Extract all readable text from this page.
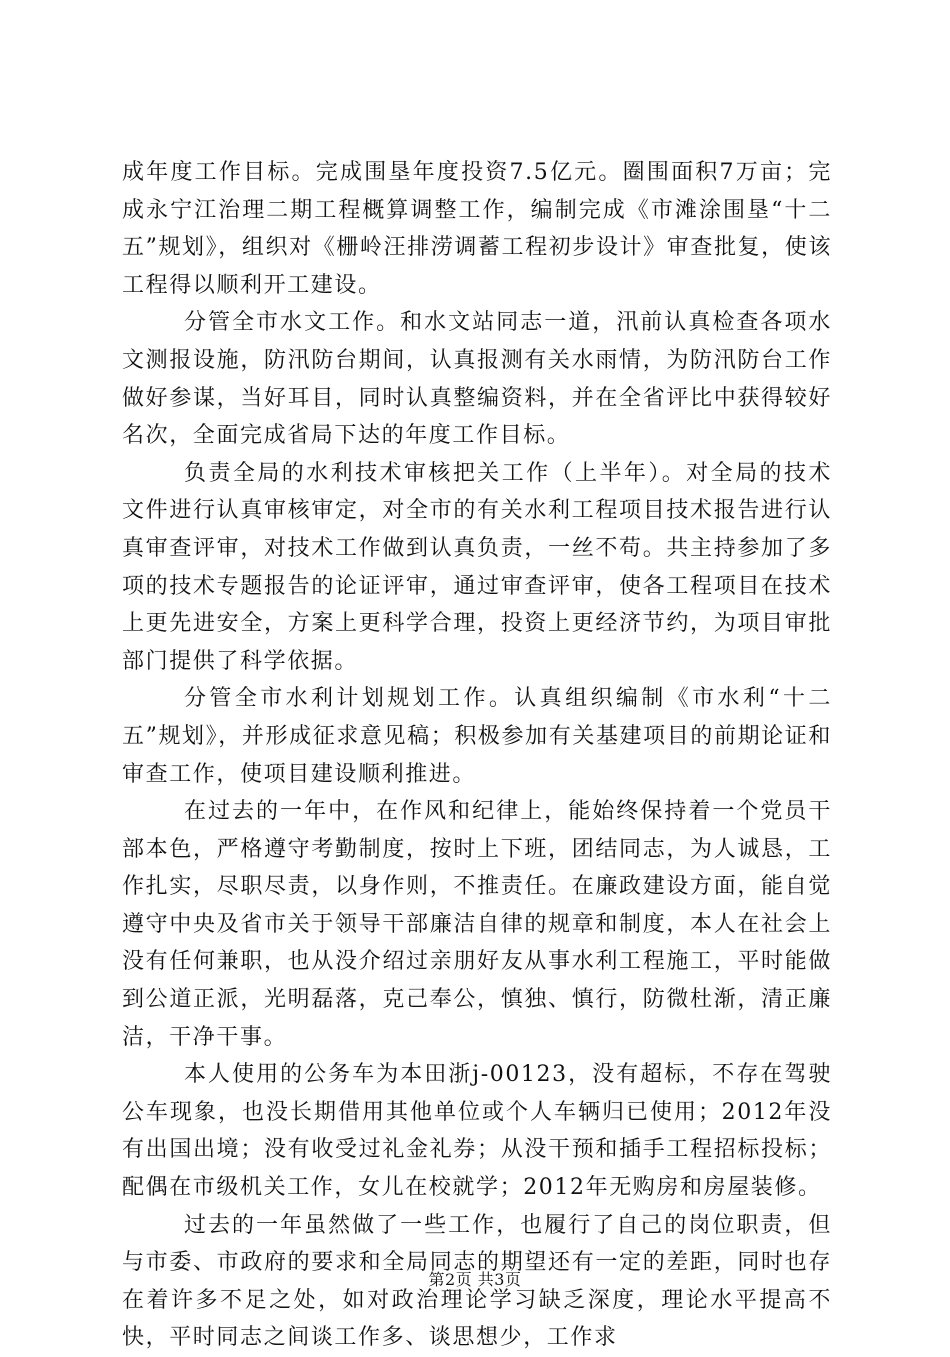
成年度工作目标。完成围垦年度投资7.5亿元。圈围面积7万亩；完成永宁江治理二期工程概算调整工作，编制完成《市滩涂围垦“十二五”规划》，组织对《栅岭汪排涝调蓄工程初步设计》审查批复，使该工程得以顺利开工建设。

分管全市水文工作。和水文站同志一道，汛前认真检查各项水文测报设施，防汛防台期间，认真报测有关水雨情，为防汛防台工作做好参谋，当好耳目，同时认真整编资料，并在全省评比中获得较好名次，全面完成省局下达的年度工作目标。

负责全局的水利技术审核把关工作（上半年）。对全局的技术文件进行认真审核审定，对全市的有关水利工程项目技术报告进行认真审查评审，对技术工作做到认真负责，一丝不苟。共主持参加了多项的技术专题报告的论证评审，通过审查评审，使各工程项目在技术上更先进安全，方案上更科学合理，投资上更经济节约，为项目审批部门提供了科学依据。

分管全市水利计划规划工作。认真组织编制《市水利“十二五”规划》，并形成征求意见稿；积极参加有关基建项目的前期论证和审查工作，使项目建设顺利推进。

在过去的一年中，在作风和纪律上，能始终保持着一个党员干部本色，严格遵守考勤制度，按时上下班，团结同志，为人诚恳，工作扎实，尽职尽责，以身作则，不推责任。在廉政建设方面，能自觉遵守中央及省市关于领导干部廉洁自律的规章和制度，本人在社会上没有任何兼职，也从没介绍过亲朋好友从事水利工程施工，平时能做到公道正派，光明磊落，克己奉公，慎独、慎行，防微杜渐，清正廉洁，干净干事。

本人使用的公务车为本田浙j-00123，没有超标，不存在驾驶公车现象，也没长期借用其他单位或个人车辆归已使用；2012年没有出国出境；没有收受过礼金礼券；从没干预和插手工程招标投标；配偶在市级机关工作，女儿在校就学；2012年无购房和房屋装修。

过去的一年虽然做了一些工作，也履行了自己的岗位职责，但与市委、市政府的要求和全局同志的期望还有一定的差距，同时也存在着许多不足之处，如对政治理论学习缺乏深度，理论水平提高不快，平时同志之间谈工作多、谈思想少，工作求

第2页 共3页
